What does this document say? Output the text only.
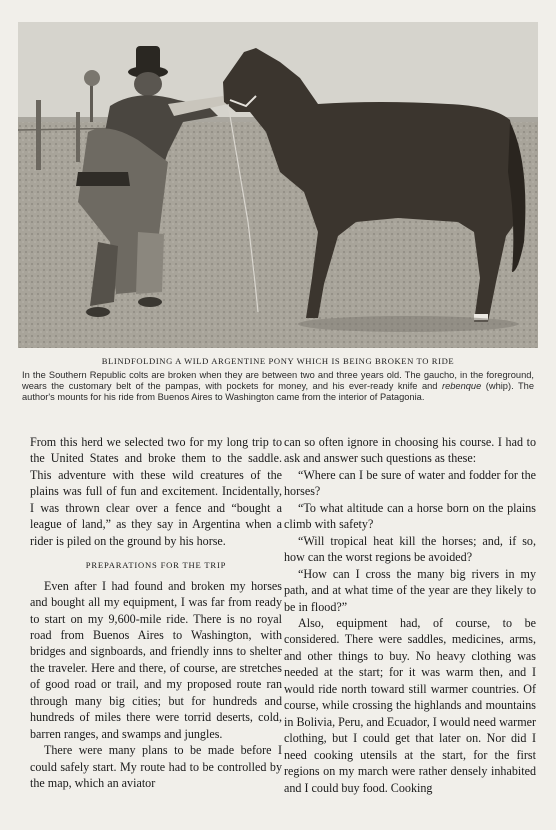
BLINDFOLDING A WILD ARGENTINE PONY WHICH IS BEING BROKEN TO RIDE
In the Southern Republic colts are broken when they are between two and three years old. The gaucho, in the foreground, wears the customary belt of the pampas, with pockets for money, and his ever-ready knife and rebenque (whip). The author's mounts for his ride from Buenos Aires to Washington came from the interior of Patagonia.

From this herd we selected two for my long trip to the United States and broke them to the saddle. This adventure with these wild creatures of the plains was full of fun and excitement. Incidentally, I was thrown clear over a fence and “bought a league of land,” as they say in Argentina when a rider is piled on the ground by his horse.

PREPARATIONS FOR THE TRIP

Even after I had found and broken my horses and bought all my equipment, I was far from ready to start on my 9,600-mile ride. There is no royal road from Buenos Aires to Washington, with bridges and signboards, and friendly inns to shelter the traveler. Here and there, of course, are stretches of good road or trail, and my proposed route ran through many big cities; but for hundreds and hundreds of miles there were torrid deserts, cold, barren ranges, and swamps and jungles.

There were many plans to be made before I could safely start. My route had to be controlled by the map, which an aviator

can so often ignore in choosing his course. I had to ask and answer such questions as these:

“Where can I be sure of water and fodder for the horses?

“To what altitude can a horse born on the plains climb with safety?

“Will tropical heat kill the horses; and, if so, how can the worst regions be avoided?

“How can I cross the many big rivers in my path, and at what time of the year are they likely to be in flood?”

Also, equipment had, of course, to be considered. There were saddles, medicines, arms, and other things to buy. No heavy clothing was needed at the start; for it was warm then, and I would ride north toward still warmer countries. Of course, while crossing the highlands and mountains in Bolivia, Peru, and Ecuador, I would need warmer clothing, but I could get that later on. Nor did I need cooking utensils at the start, for the first regions on my march were rather densely inhabited and I could buy food. Cooking
